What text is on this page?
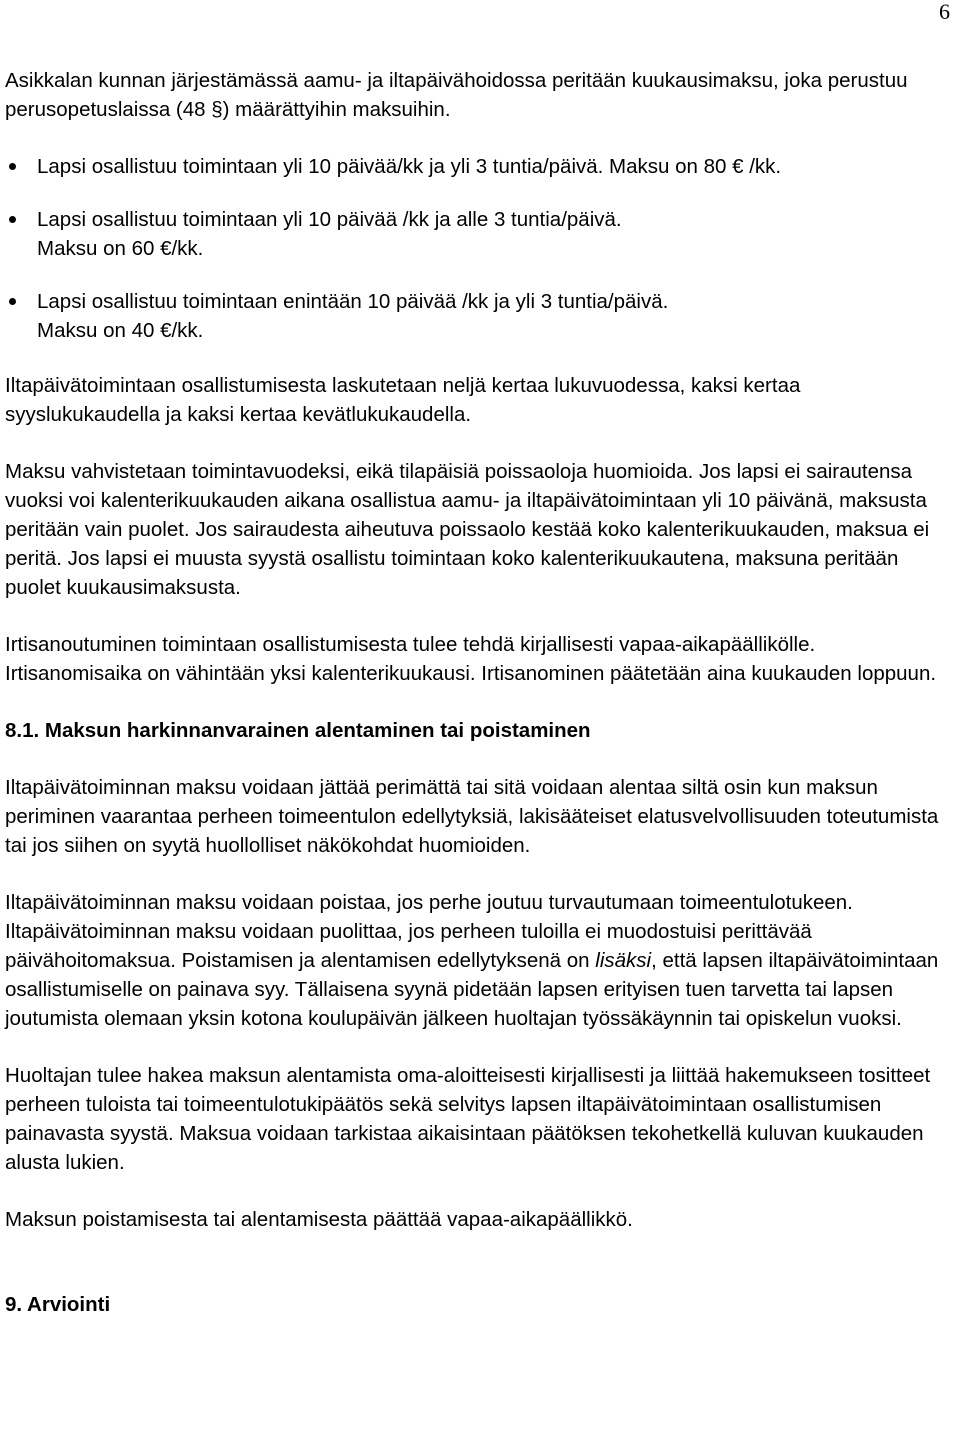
6

Asikkalan kunnan järjestämässä aamu- ja iltapäivähoidossa peritään kuukausimaksu, joka perustuu perusopetuslaissa (48 §) määrättyihin maksuihin.

Lapsi osallistuu toimintaan yli 10 päivää/kk ja yli 3 tuntia/päivä. Maksu on 80 € /kk.
Lapsi osallistuu toimintaan yli 10 päivää /kk ja alle 3 tuntia/päivä.
Maksu on 60 €/kk.
Lapsi osallistuu toimintaan enintään 10 päivää /kk ja yli 3 tuntia/päivä.
Maksu on 40 €/kk.

Iltapäivätoimintaan osallistumisesta laskutetaan neljä kertaa lukuvuodessa, kaksi kertaa syyslukukaudella ja kaksi kertaa kevätlukukaudella.

Maksu vahvistetaan toimintavuodeksi, eikä tilapäisiä poissaoloja huomioida. Jos lapsi ei sairautensa vuoksi voi kalenterikuukauden aikana osallistua aamu- ja iltapäivätoimintaan yli 10 päivänä, maksusta peritään vain puolet. Jos sairaudesta aiheutuva poissaolo kestää koko kalenterikuukauden, maksua ei peritä. Jos lapsi ei muusta syystä osallistu toimintaan koko kalenterikuukautena, maksuna peritään puolet kuukausimaksusta.

Irtisanoutuminen toimintaan osallistumisesta tulee tehdä kirjallisesti vapaa-aikapäällikölle. Irtisanomisaika on vähintään yksi kalenterikuukausi. Irtisanominen päätetään aina kuukauden loppuun.

8.1. Maksun harkinnanvarainen alentaminen tai poistaminen

Iltapäivätoiminnan maksu voidaan jättää perimättä tai sitä voidaan alentaa siltä osin kun maksun periminen vaarantaa perheen toimeentulon edellytyksiä, lakisääteiset elatusvelvollisuuden toteutumista tai jos siihen on syytä huollolliset näkökohdat huomioiden.

Iltapäivätoiminnan maksu voidaan poistaa, jos perhe joutuu turvautumaan toimeentulotukeen. Iltapäivätoiminnan maksu voidaan puolittaa, jos perheen tuloilla ei muodostuisi perittävää päivähoitomaksua. Poistamisen ja alentamisen edellytyksenä on lisäksi, että lapsen iltapäivätoimintaan osallistumiselle on painava syy. Tällaisena syynä pidetään lapsen erityisen tuen tarvetta tai lapsen joutumista olemaan yksin kotona koulupäivän jälkeen huoltajan työssäkäynnin tai opiskelun vuoksi.

Huoltajan tulee hakea maksun alentamista oma-aloitteisesti kirjallisesti ja liittää hakemukseen tositteet perheen tuloista tai toimeentulotukipäätös sekä selvitys lapsen iltapäivätoimintaan osallistumisen painavasta syystä. Maksua voidaan tarkistaa aikaisintaan päätöksen tekohetkellä kuluvan kuukauden alusta lukien.

Maksun poistamisesta tai alentamisesta päättää vapaa-aikapäällikkö.

9. Arviointi
